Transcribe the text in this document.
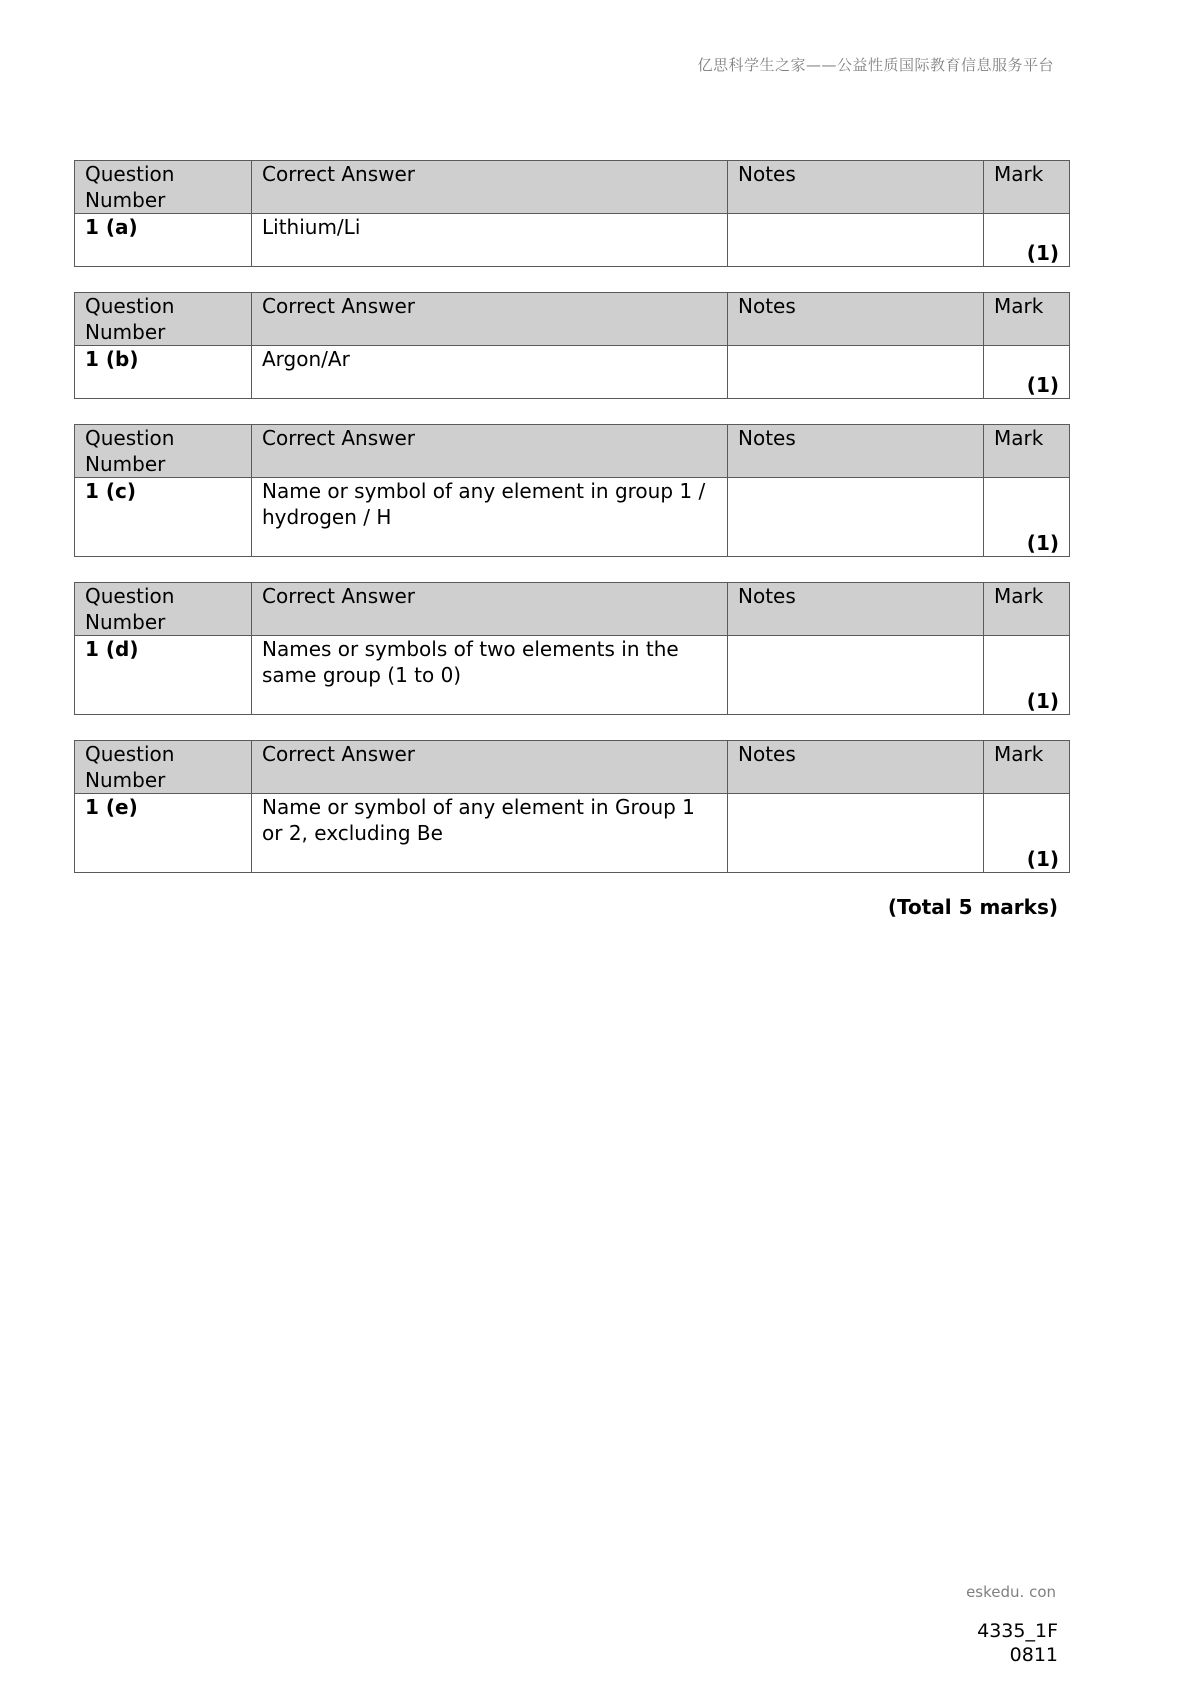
亿思科学生之家——公益性质国际教育信息服务平台
Question Number	Correct Answer	Notes	Mark
1 (a)	Lithium/Li		(1)
Question Number	Correct Answer	Notes	Mark
1 (b)	Argon/Ar		(1)
Question Number	Correct Answer	Notes	Mark
1 (c)	Name or symbol of any element in group 1 / hydrogen / H		(1)
Question Number	Correct Answer	Notes	Mark
1 (d)	Names or symbols of two elements in the same group (1 to 0)		(1)
Question Number	Correct Answer	Notes	Mark
1 (e)	Name or symbol of any element in Group 1 or 2, excluding Be		(1)
(Total 5 marks)
eskedu. con
4335_1F
0811
